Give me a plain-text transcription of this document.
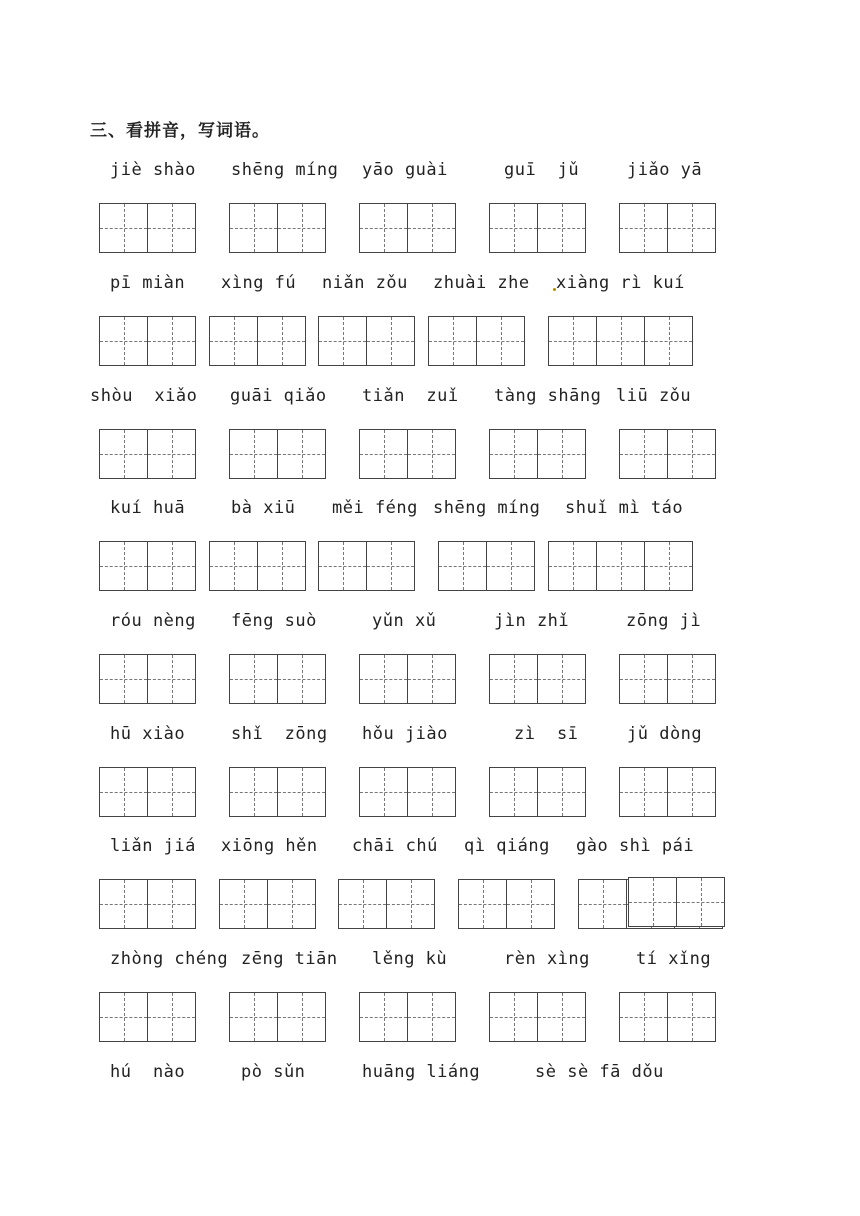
三、看拼音，写词语。
jiè shào shēng míng yāo guài	guī  jǔ	jiǎo yā
pī miàn xìng fú niǎn zǒu zhuài zhe xiàng rì kuí
shòu  xiǎo guāi qiǎo tiǎn  zuǐ tàng shāng liū zǒu
kuí huā	bà xiū měi féng shēng míng shuǐ mì táo
róu nèng fēng suò	yǔn xǔ	jìn zhǐ	zōng jì
hū xiào	shǐ  zōng hǒu jiào	zì  sī	jǔ dòng
liǎn jiá xiōng hěn chāi chú qì qiáng gào shì pái
zhòng chéng zēng tiān lěng kù	rèn xìng	tí xǐng
hú  nào	pò sǔn	huāng liáng	sè sè fā dǒu
